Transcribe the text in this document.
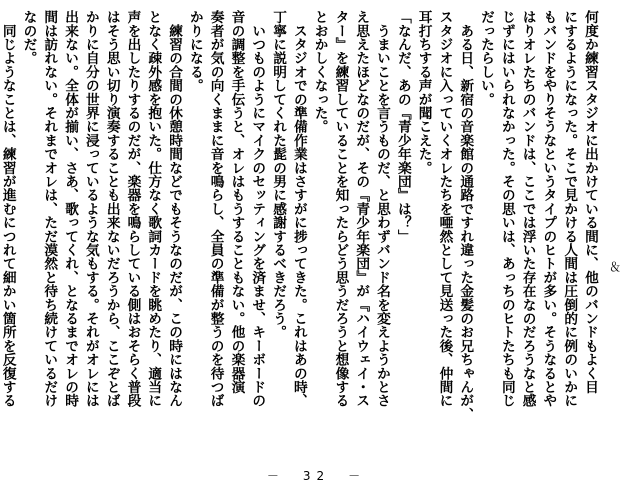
何度か練習スタジオに出かけている間に、他のバンドもよく目

にするようになった。そこで見かける人間は圧倒的に例のいかに

もバンドをやりそうなというタイプのヒトが多い。そうなるとや

はりオレたちのバンドは、ここでは浮いた存在なのだろうなと感

じずにはいられなかった。その思いは、あっちのヒトたちも同じ

だったらしい。

　ある日、新宿の音楽館の通路ですれ違った金髪のお兄ちゃんが、

スタジオに入っていくオレたちを唖然として見送った後、仲間に

耳打ちする声が聞こえた。

「なんだ、あの『青少年楽団』は？」

　うまいことを言うものだ、と思わずバンド名を変えようかとさ

え思えたほどなのだが、その『青少年楽団』が『ハイウェイ・ス

ター』を練習していることを知ったらどう思うだろうと想像する

とおかしくなった。

　スタジオでの準備作業はさすがに捗ってきた。これはあの時、

丁寧に説明してくれた髭の男に感謝するべきだろう。

　いつものようにマイクのセッティングを済ませ、キーボードの

音の調整を手伝うと、オレはもうすることもない。他の楽器演

奏者が気の向くままに音を鳴らし、全員の準備が整うのを待つば

かりになる。

　練習の合間の休憩時間などでもそうなのだが、この時にはなん

となく疎外感を抱いた。仕方なく歌詞カードを眺めたり、適当に

声を出したりするのだが、楽器を鳴らしている側はおそらく普段

はそう思い切り演奏することも出来ないだろうから、ここぞとば

かりに自分の世界に浸っているような気もする。それがオレには

出来ない。全体が揃い、さあ、歌ってくれ、となるまでオレの時

間は訪れない。それまでオレは、ただ漠然と待ち続けているだけ

なのだ。

　同じようなことは、練習が進むにつれて細かい箇所を反復する	＆
－　32　－
